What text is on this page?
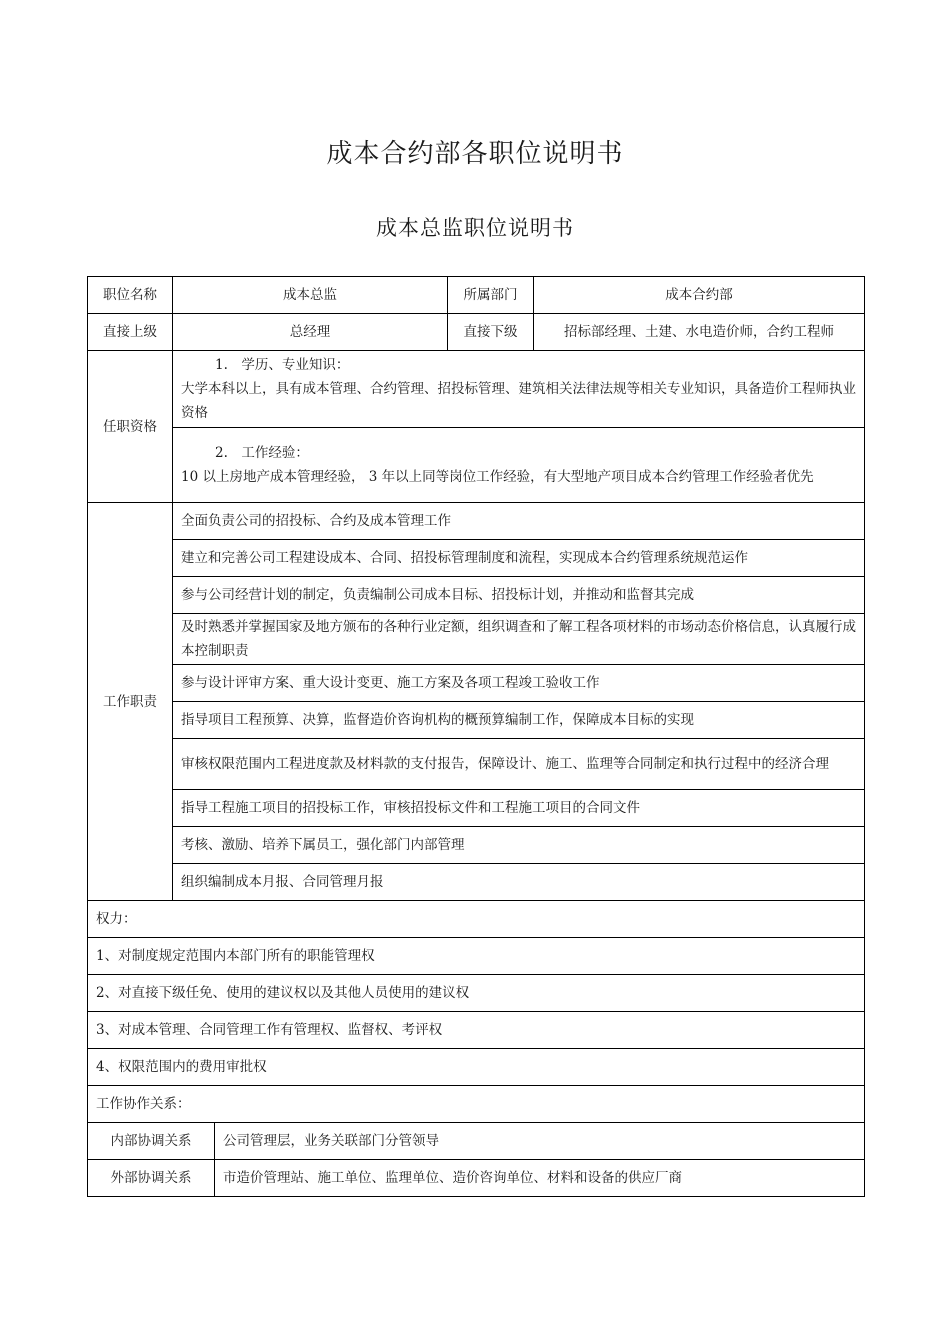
成本合约部各职位说明书
成本总监职位说明书
职位名称	成本总监		所属部门	成本合约部
直接上级	总经理		直接下级	招标部经理、土建、水电造价师，合约工程师
任职资格	1.　学历、专业知识：
大学本科以上，具有成本管理、合约管理、招投标管理、建筑相关法律法规等相关专业知识，具备造价工程师执业资格			

	2.　工作经验：
10 以上房地产成本管理经验， 3 年以上同等岗位工作经验，有大型地产项目成本合约管理工作经验者优先			

工作职责	全面负责公司的招投标、合约及成本管理工作			
	建立和完善公司工程建设成本、合同、招投标管理制度和流程，实现成本合约管理系统规范运作			
	参与公司经营计划的制定，负责编制公司成本目标、招投标计划，并推动和监督其完成			
	及时熟悉并掌握国家及地方颁布的各种行业定额，组织调查和了解工程各项材料的市场动态价格信息，认真履行成本控制职责			
	参与设计评审方案、重大设计变更、施工方案及各项工程竣工验收工作			
	指导项目工程预算、决算，监督造价咨询机构的概预算编制工作，保障成本目标的实现			
	审核权限范围内工程进度款及材料款的支付报告，保障设计、施工、监理等合同制定和执行过程中的经济合理			
	指导工程施工项目的招投标工作，审核招投标文件和工程施工项目的合同文件			
	考核、激励、培养下属员工，强化部门内部管理			
	组织编制成本月报、合同管理月报			
权力：				
1、对制度规定范围内本部门所有的职能管理权				
2、对直接下级任免、使用的建议权以及其他人员使用的建议权				
3、对成本管理、合同管理工作有管理权、监督权、考评权				
4、权限范围内的费用审批权				
工作协作关系：				
内部协调关系		公司管理层，业务关联部门分管领导		
外部协调关系		市造价管理站、施工单位、监理单位、造价咨询单位、材料和设备的供应厂商		
